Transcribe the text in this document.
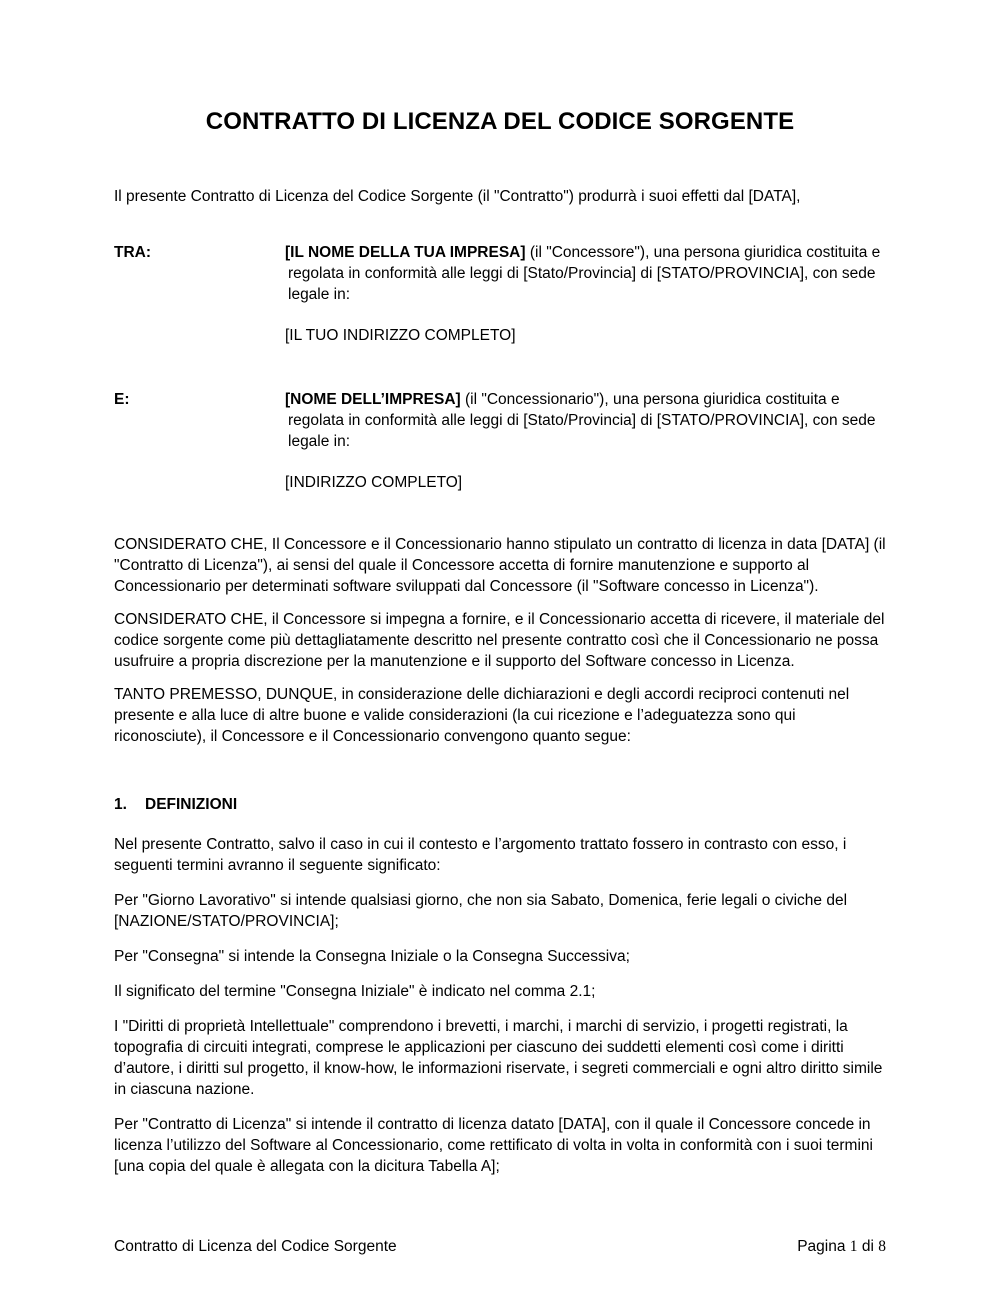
CONTRATTO DI LICENZA DEL CODICE SORGENTE

Il presente Contratto di Licenza del Codice Sorgente (il "Contratto") produrrà i suoi effetti dal [DATA],

TRA:	[IL NOME DELLA TUA IMPRESA] (il "Concessore"), una persona giuridica costituita e regolata in conformità alle leggi di [Stato/Provincia] di [STATO/PROVINCIA], con sede legale in:

[IL TUO INDIRIZZO COMPLETO]

E:	[NOME DELL’IMPRESA] (il "Concessionario"), una persona giuridica costituita e regolata in conformità alle leggi di [Stato/Provincia] di [STATO/PROVINCIA], con sede legale in:

[INDIRIZZO COMPLETO]

CONSIDERATO CHE, Il Concessore e il Concessionario hanno stipulato un contratto di licenza in data [DATA] (il "Contratto di Licenza"), ai sensi del quale il Concessore accetta di fornire manutenzione e supporto al Concessionario per determinati software sviluppati dal Concessore (il "Software concesso in Licenza").

CONSIDERATO CHE, il Concessore si impegna a fornire, e il Concessionario accetta di ricevere, il materiale del codice sorgente come più dettagliatamente descritto nel presente contratto così che il Concessionario ne possa usufruire a propria discrezione per la manutenzione e il supporto del Software concesso in Licenza.

TANTO PREMESSO, DUNQUE, in considerazione delle dichiarazioni e degli accordi reciproci contenuti nel presente e alla luce di altre buone e valide considerazioni (la cui ricezione e l’adeguatezza sono qui riconosciute), il Concessore e il Concessionario convengono quanto segue:

1.	DEFINIZIONI

Nel presente Contratto, salvo il caso in cui il contesto e l’argomento trattato fossero in contrasto con esso, i seguenti termini avranno il seguente significato:

Per "Giorno Lavorativo" si intende qualsiasi giorno, che non sia Sabato, Domenica, ferie legali o civiche del [NAZIONE/STATO/PROVINCIA];

Per "Consegna" si intende la Consegna Iniziale o la Consegna Successiva;

Il significato del termine "Consegna Iniziale" è indicato nel comma 2.1;

I "Diritti di proprietà Intellettuale" comprendono i brevetti, i marchi, i marchi di servizio, i progetti registrati, la topografia di circuiti integrati, comprese le applicazioni per ciascuno dei suddetti elementi così come i diritti d’autore, i diritti sul progetto, il know-how, le informazioni riservate, i segreti commerciali e ogni altro diritto simile in ciascuna nazione.

Per "Contratto di Licenza" si intende il contratto di licenza datato [DATA], con il quale il Concessore concede in licenza l’utilizzo del Software al Concessionario, come rettificato di volta in volta in conformità con i suoi termini [una copia del quale è allegata con la dicitura Tabella A];

Contratto di Licenza del Codice Sorgente	Pagina 1 di 8
